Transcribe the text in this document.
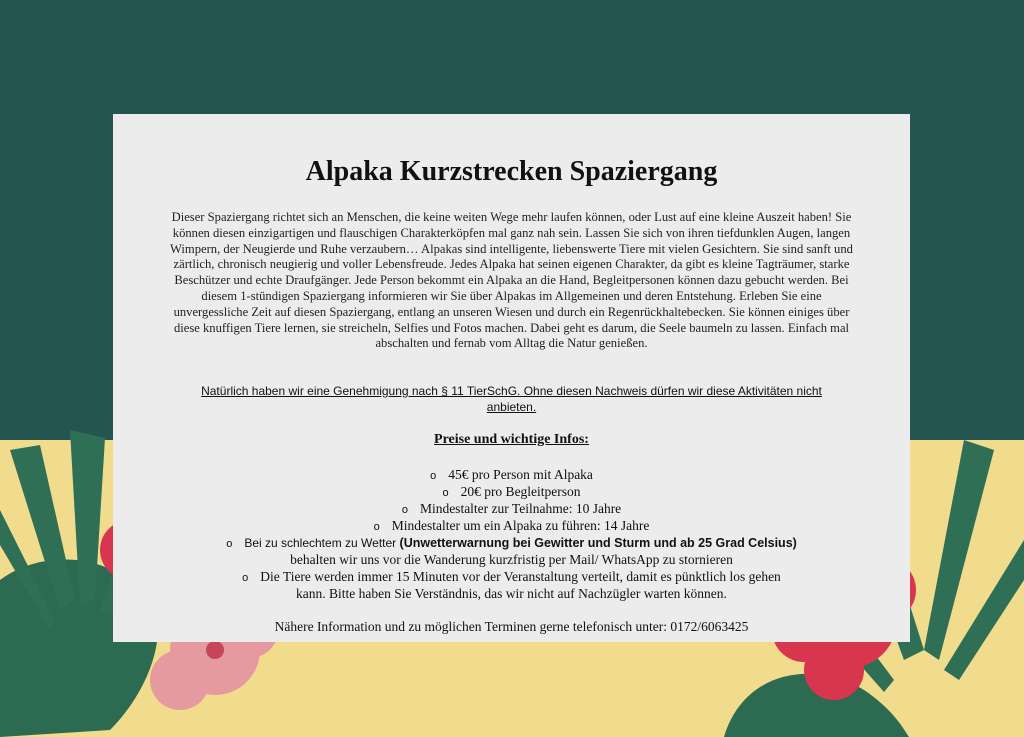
Alpaka Kurzstrecken Spaziergang

Dieser Spaziergang richtet sich an Menschen, die keine weiten Wege mehr laufen können, oder Lust auf eine kleine Auszeit haben! Sie können diesen einzigartigen und flauschigen Charakterköpfen mal ganz nah sein. Lassen Sie sich von ihren tiefdunklen Augen, langen Wimpern, der Neugierde und Ruhe verzaubern… Alpakas sind intelligente, liebenswerte Tiere mit vielen Gesichtern. Sie sind sanft und zärtlich, chronisch neugierig und voller Lebensfreude. Jedes Alpaka hat seinen eigenen Charakter, da gibt es kleine Tagträumer, starke Beschützer und echte Draufgänger. Jede Person bekommt ein Alpaka an die Hand, Begleitpersonen können dazu gebucht werden. Bei diesem 1-stündigen Spaziergang informieren wir Sie über Alpakas im Allgemeinen und deren Entstehung. Erleben Sie eine unvergessliche Zeit auf diesen Spaziergang, entlang an unseren Wiesen und durch ein Regenrückhaltebecken. Sie können einiges über diese knuffigen Tiere lernen, sie streicheln, Selfies und Fotos machen. Dabei geht es darum, die Seele baumeln zu lassen. Einfach mal abschalten und fernab vom Alltag die Natur genießen.

Natürlich haben wir eine Genehmigung nach § 11 TierSchG. Ohne diesen Nachweis dürfen wir diese Aktivitäten nicht anbieten.

Preise und wichtige Infos:

o 45€ pro Person mit Alpaka
o 20€ pro Begleitperson
o Mindestalter zur Teilnahme: 10 Jahre
o Mindestalter um ein Alpaka zu führen: 14 Jahre
o Bei zu schlechtem zu Wetter (Unwetterwarnung bei Gewitter und Sturm und ab 25 Grad Celsius)
behalten wir uns vor die Wanderung kurzfristig per Mail/ WhatsApp zu stornieren
o Die Tiere werden immer 15 Minuten vor der Veranstaltung verteilt, damit es pünktlich los gehen
kann. Bitte haben Sie Verständnis, das wir nicht auf Nachzügler warten können.
Nähere Information und zu möglichen Terminen gerne telefonisch unter: 0172/6063425
